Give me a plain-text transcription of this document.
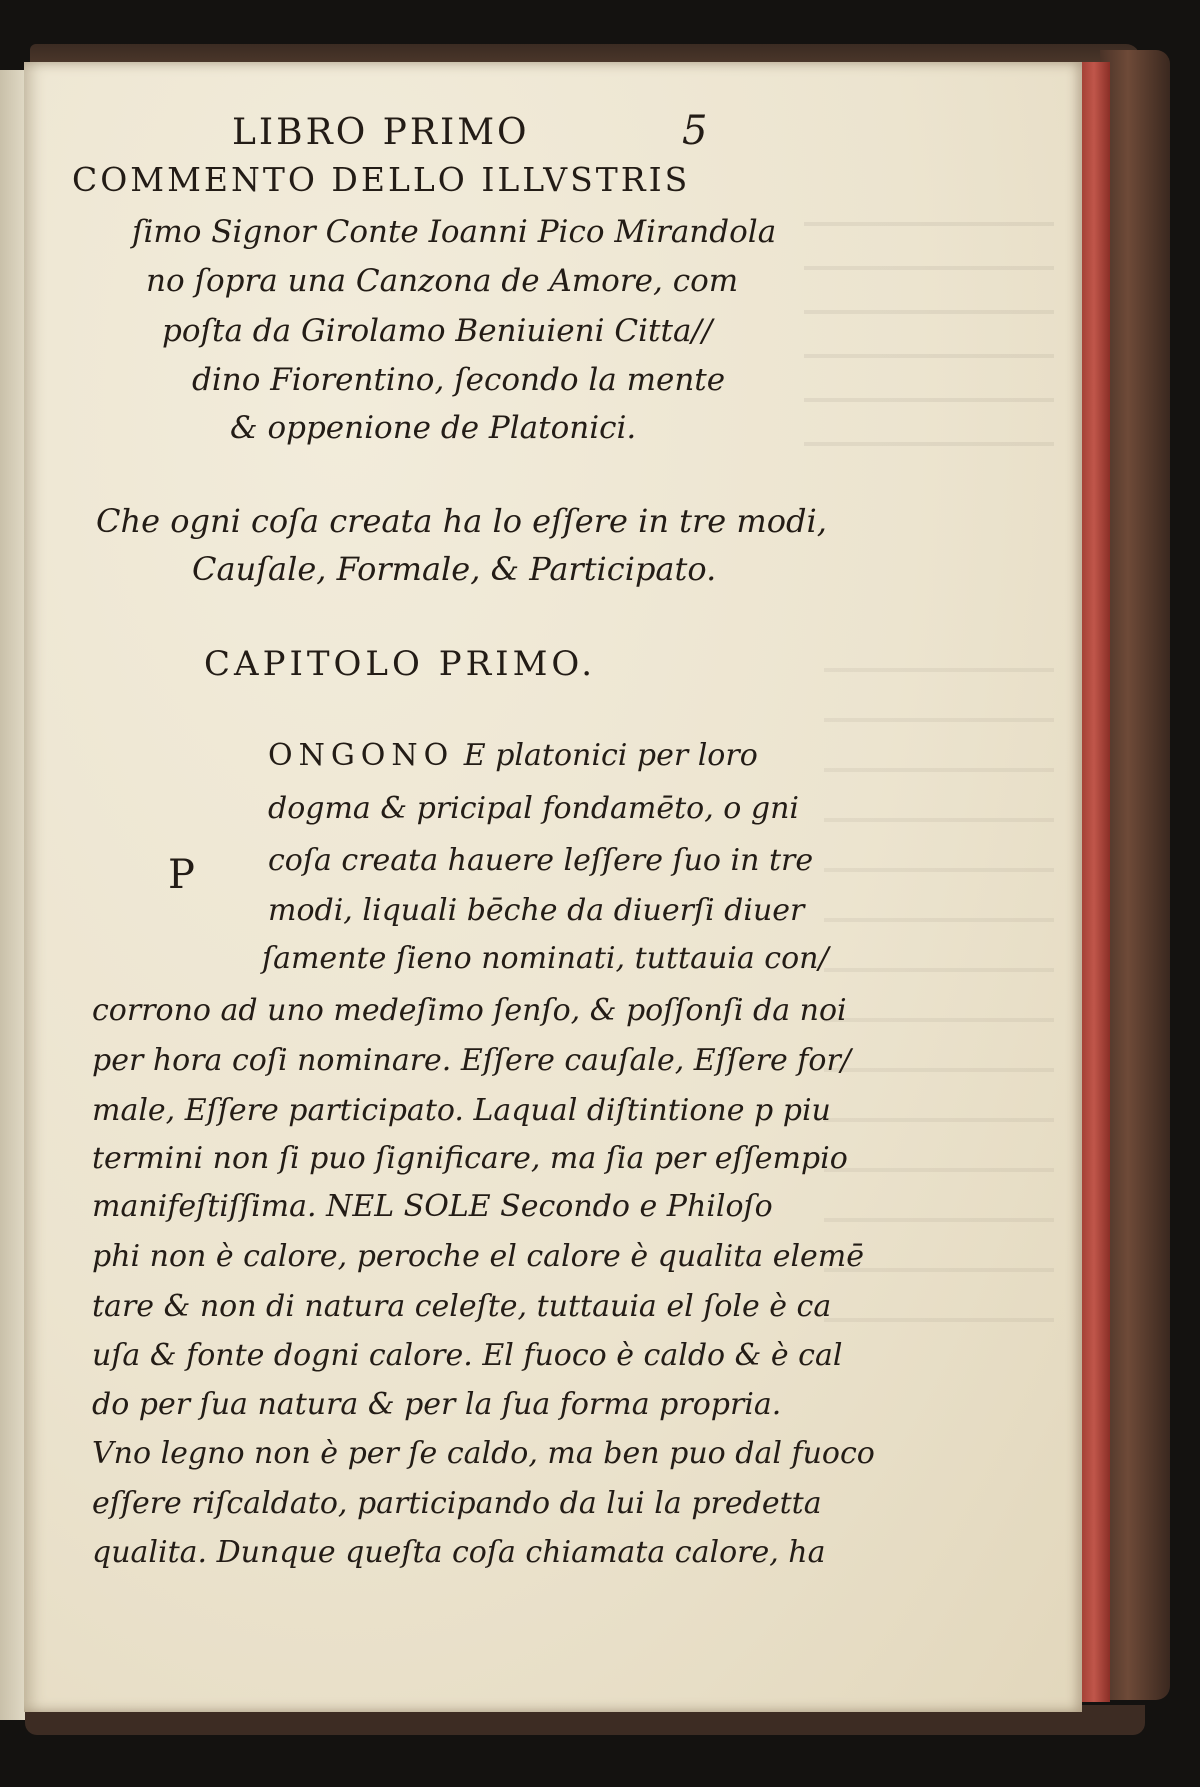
LIBRO PRIMO	5
COMMENTO DELLO ILLVSTRIS
ſimo Signor Conte Ioanni Pico Mirandola
no ſopra una Canzona de Amore, com
poſta da Girolamo Beniuieni Citta//
dino Fiorentino, ſecondo la mente
& oppenione de Platonici.
Che ogni coſa creata ha lo eſſere in tre modi,
Cauſale, Formale, & Participato.
CAPITOLO PRIMO.
P
ONGONO E platonici per loro
dogma & pricipal fondamēto, o gni
coſa creata hauere leſſere ſuo in tre
modi, liquali bēche da diuerſi diuer
ſamente ſieno nominati, tuttauia con/
corrono ad uno medeſimo ſenſo, & poſſonſi da noi
per hora coſi nominare. Eſſere cauſale, Eſſere for/
male, Eſſere participato. Laqual diſtintione p piu
termini non ſi puo ſignificare, ma ſia per eſſempio
manifeſtiſſima. NEL SOLE Secondo e Philoſo
phi non è calore, peroche el calore è qualita elemē
tare & non di natura celeſte, tuttauia el ſole è ca
uſa & fonte dogni calore. El fuoco è caldo & è cal
do per ſua natura & per la ſua forma propria.
Vno legno non è per ſe caldo, ma ben puo dal fuoco
eſſere riſcaldato, participando da lui la predetta
qualita. Dunque queſta coſa chiamata calore, ha
